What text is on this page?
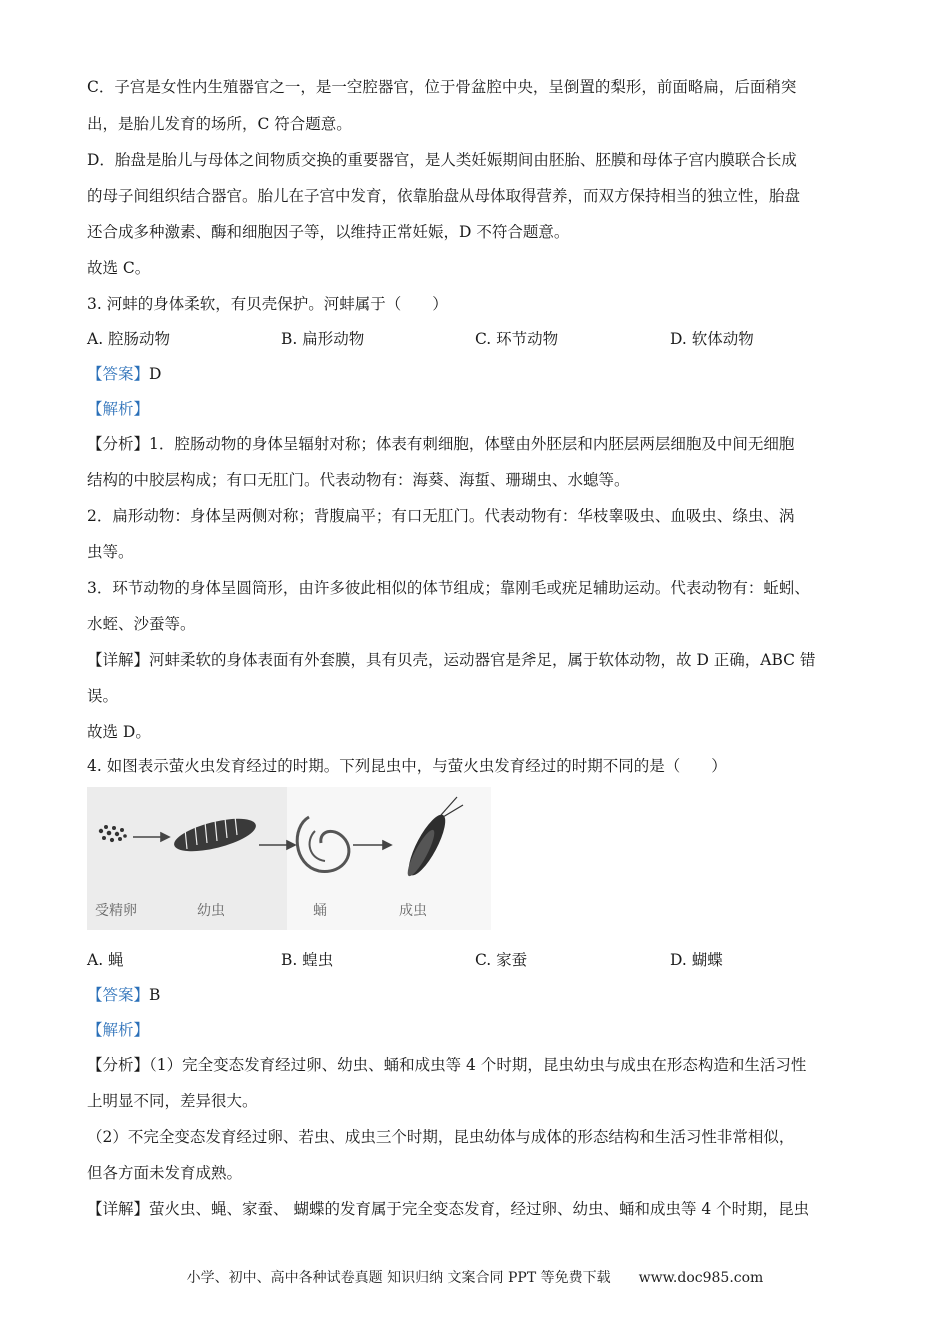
C．子宫是女性内生殖器官之一，是一空腔器官，位于骨盆腔中央，呈倒置的梨形，前面略扁，后面稍突
出，是胎儿发育的场所，C 符合题意。
D．胎盘是胎儿与母体之间物质交换的重要器官，是人类妊娠期间由胚胎、胚膜和母体子宫内膜联合长成
的母子间组织结合器官。胎儿在子宫中发育，依靠胎盘从母体取得营养，而双方保持相当的独立性，胎盘
还合成多种激素、酶和细胞因子等，以维持正常妊娠，D 不符合题意。
故选 C。
3. 河蚌的身体柔软，有贝壳保护。河蚌属于（　　）
A. 腔肠动物	B. 扁形动物	C. 环节动物	D. 软体动物
【答案】D
【解析】
【分析】1．腔肠动物的身体呈辐射对称；体表有刺细胞，体壁由外胚层和内胚层两层细胞及中间无细胞
结构的中胶层构成；有口无肛门。代表动物有：海葵、海蜇、珊瑚虫、水螅等。
2．扁形动物：身体呈两侧对称；背腹扁平；有口无肛门。代表动物有：华枝睾吸虫、血吸虫、绦虫、涡
虫等。
3．环节动物的身体呈圆筒形，由许多彼此相似的体节组成；靠刚毛或疣足辅助运动。代表动物有：蚯蚓、
水蛭、沙蚕等。
【详解】河蚌柔软的身体表面有外套膜，具有贝壳，运动器官是斧足，属于软体动物，故 D 正确，ABC 错
误。
故选 D。
4. 如图表示萤火虫发育经过的时期。下列昆虫中，与萤火虫发育经过的时期不同的是（　　）
受精卵	幼虫	蛹	成虫
A. 蝇	B. 蝗虫	C. 家蚕	D. 蝴蝶
【答案】B
【解析】
【分析】（1）完全变态发育经过卵、幼虫、蛹和成虫等 4 个时期，昆虫幼虫与成虫在形态构造和生活习性
上明显不同，差异很大。
（2）不完全变态发育经过卵、若虫、成虫三个时期，昆虫幼体与成体的形态结构和生活习性非常相似，
但各方面未发育成熟。
【详解】萤火虫、蝇、家蚕、 蝴蝶的发育属于完全变态发育，经过卵、幼虫、蛹和成虫等 4 个时期，昆虫
小学、初中、高中各种试卷真题 知识归纳 文案合同 PPT 等免费下载　　www.doc985.com
